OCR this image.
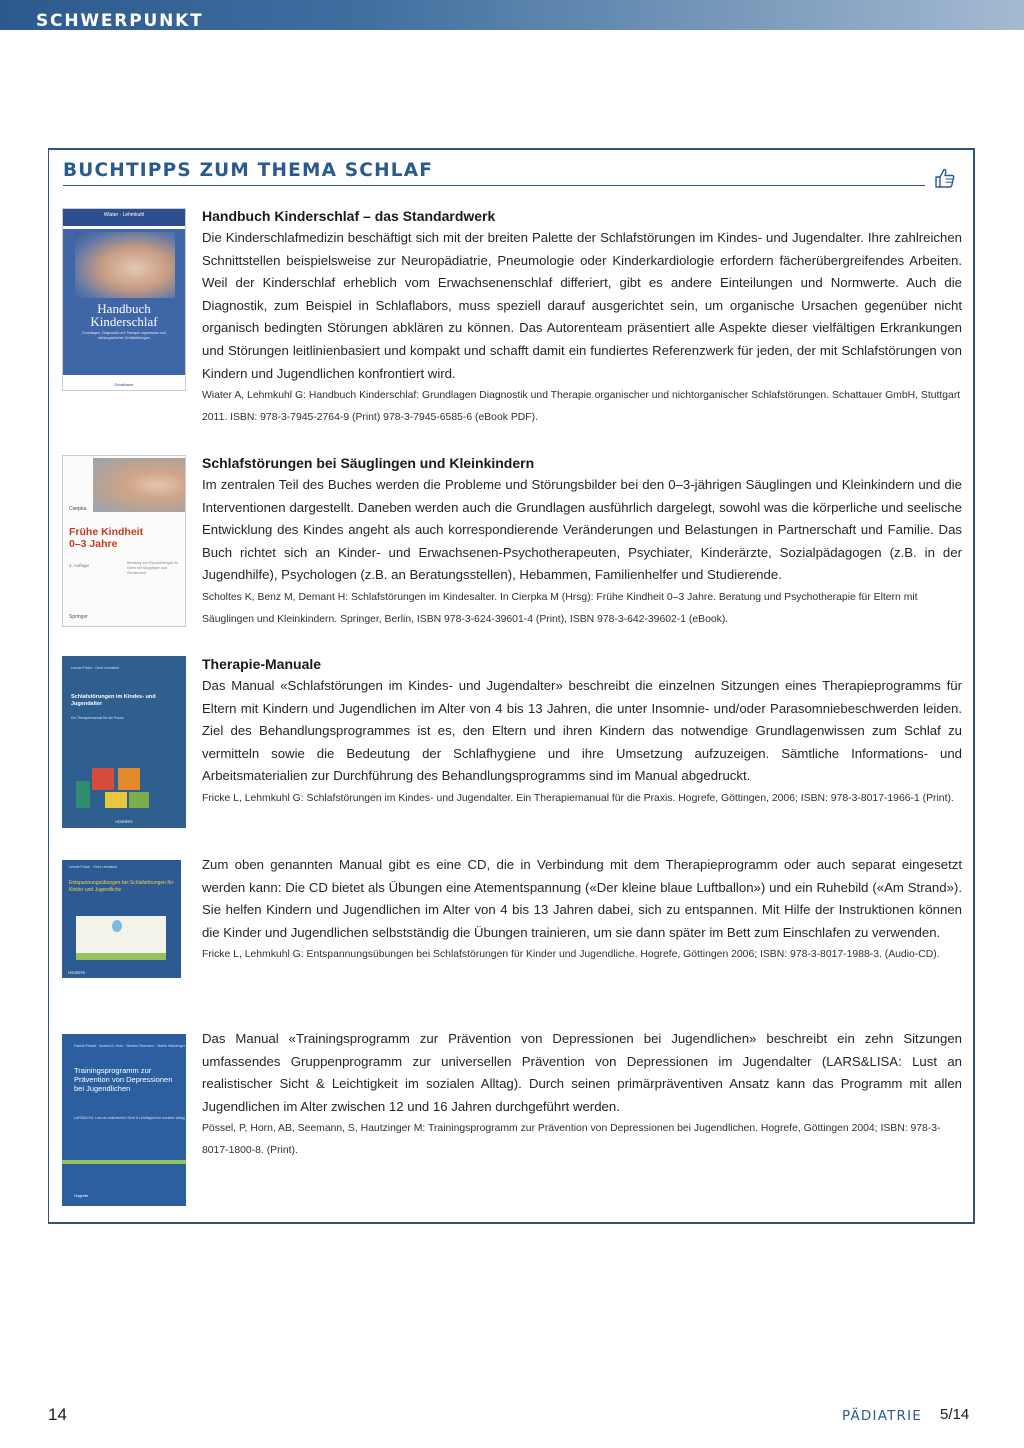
SCHWERPUNKT
BUCHTIPPS ZUM THEMA SCHLAF
Wiater · Lehmkuhl
Handbuch
Kinderschlaf
Grundlagen, Diagnostik und Therapie organischer und nichtorganischer Schlafstörungen
Schattauer
Handbuch Kinderschlaf – das Standardwerk
Die Kinderschlafmedizin beschäftigt sich mit der breiten Palette der Schlafstörungen im Kindes- und Jugendalter. Ihre zahlreichen Schnittstellen beispielsweise zur Neuropädiatrie, Pneumologie oder Kinderkardiologie erfordern fächerübergreifendes Arbeiten. Weil der Kinderschlaf erheblich vom Erwachsenenschlaf differiert, gibt es andere Einteilungen und Normwerte. Auch die Diagnostik, zum Beispiel in Schlaflabors, muss speziell darauf ausgerichtet sein, um organische Ursachen gegenüber nicht organisch bedingten Störungen abklären zu können. Das Autorenteam präsentiert alle Aspekte dieser vielfältigen Erkrankungen und Störungen leitlinienbasiert und kompakt und schafft damit ein fundiertes Referenzwerk für jeden, der mit Schlafstörungen von Kindern und Jugendlichen konfrontiert wird.
Wiater A, Lehmkuhl G: Handbuch Kinderschlaf: Grundlagen Diagnostik und Therapie organischer und nichtorganischer Schlafstörungen. Schattauer GmbH, Stuttgart 2011. ISBN: 978-3-7945-2764-9 (Print) 978-3-7945-6585-6 (eBook PDF).
Cierpka
Frühe Kindheit
0–3 Jahre
2. Auflage	Beratung und Psychotherapie für Eltern mit Säuglingen und Kleinkindern
Springer
Schlafstörungen bei Säuglingen und Kleinkindern
Im zentralen Teil des Buches werden die Probleme und Störungsbilder bei den 0–3-jährigen Säuglingen und Kleinkindern und die Interventionen dargestellt. Daneben werden auch die Grundlagen ausführlich dargelegt, sowohl was die körperliche und seelische Entwicklung des Kindes angeht als auch korrespondierende Veränderungen und Belastungen in Partnerschaft und Familie. Das Buch richtet sich an Kinder- und Erwachsenen-Psychotherapeuten, Psychiater, Kinderärzte, Sozialpädagogen (z.B. in der Jugendhilfe), Psychologen (z.B. an Beratungsstellen), Hebammen, Familienhelfer und Studierende.
Scholtes K, Benz M, Demant H: Schlafstörungen im Kindesalter. In Cierpka M (Hrsg): Frühe Kindheit 0–3 Jahre. Beratung und Psychotherapie für Eltern mit Säuglingen und Kleinkindern. Springer, Berlin, ISBN 978-3-624-39601-4 (Print), ISBN 978-3-642-39602-1 (eBook).
Leonie Fricke · Gerd Lehmkuhl
Schlafstörungen im Kindes- und Jugendalter
Ein Therapiemanual für die Praxis
HOGREFE
Therapie-Manuale
Das Manual «Schlafstörungen im Kindes- und Jugendalter» beschreibt die einzelnen Sitzungen eines Therapieprogramms für Eltern mit Kindern und Jugendlichen im Alter von 4 bis 13 Jahren, die unter Insomnie- und/oder Parasomniebeschwerden leiden. Ziel des Behandlungsprogrammes ist es, den Eltern und ihren Kindern das notwendige Grundlagenwissen zum Schlaf zu vermitteln sowie die Bedeutung der Schlafhygiene und ihre Umsetzung aufzuzeigen. Sämtliche Informations- und Arbeitsmaterialien zur Durchführung des Behandlungsprogramms sind im Manual abgedruckt.
Fricke L, Lehmkuhl G: Schlafstörungen im Kindes- und Jugendalter. Ein Therapiemanual für die Praxis. Hogrefe, Göttingen, 2006; ISBN: 978-3-8017-1966-1 (Print).
Leonie Fricke · Gerd Lehmkuhl
Entspannungsübungen bei Schlafstörungen für Kinder und Jugendliche
HOGREFE
Zum oben genannten Manual gibt es eine CD, die in Verbindung mit dem Therapieprogramm oder auch separat eingesetzt werden kann: Die CD bietet als Übungen eine Atementspannung («Der kleine blaue Luftballon») und ein Ruhebild («Am Strand»). Sie helfen Kindern und Jugendlichen im Alter von 4 bis 13 Jahren dabei, sich zu entspannen. Mit Hilfe der Instruktionen können die Kinder und Jugendlichen selbstständig die Übungen trainieren, um sie dann später im Bett zum Einschlafen zu verwenden.
Fricke L, Lehmkuhl G: Entspannungsübungen bei Schlafstörungen für Kinder und Jugendliche. Hogrefe, Göttingen 2006; ISBN: 978-3-8017-1988-3. (Audio-CD).
Patrick Pössel · Andrea B. Horn · Simone Seemann · Martin Hautzinger
Trainingsprogramm zur Prävention von Depressionen bei Jugendlichen
LARS&LISA: Lust an realistischer Sicht & Leichtigkeit im sozialen Alltag
Hogrefe
Das Manual «Trainingsprogramm zur Prävention von Depressionen bei Jugendlichen» beschreibt ein zehn Sitzungen umfassendes Gruppenprogramm zur universellen Prävention von Depressionen im Jugendalter (LARS&LISA: Lust an realistischer Sicht & Leichtigkeit im sozialen Alltag). Durch seinen primärpräventiven Ansatz kann das Programm mit allen Jugendlichen im Alter zwischen 12 und 16 Jahren durchgeführt werden.
Pössel, P, Horn, AB, Seemann, S, Hautzinger M: Trainingsprogramm zur Prävention von Depressionen bei Jugendlichen. Hogrefe, Göttingen 2004; ISBN: 978-3-8017-1800-8. (Print).
14	PÄDIATRIE 5/14
